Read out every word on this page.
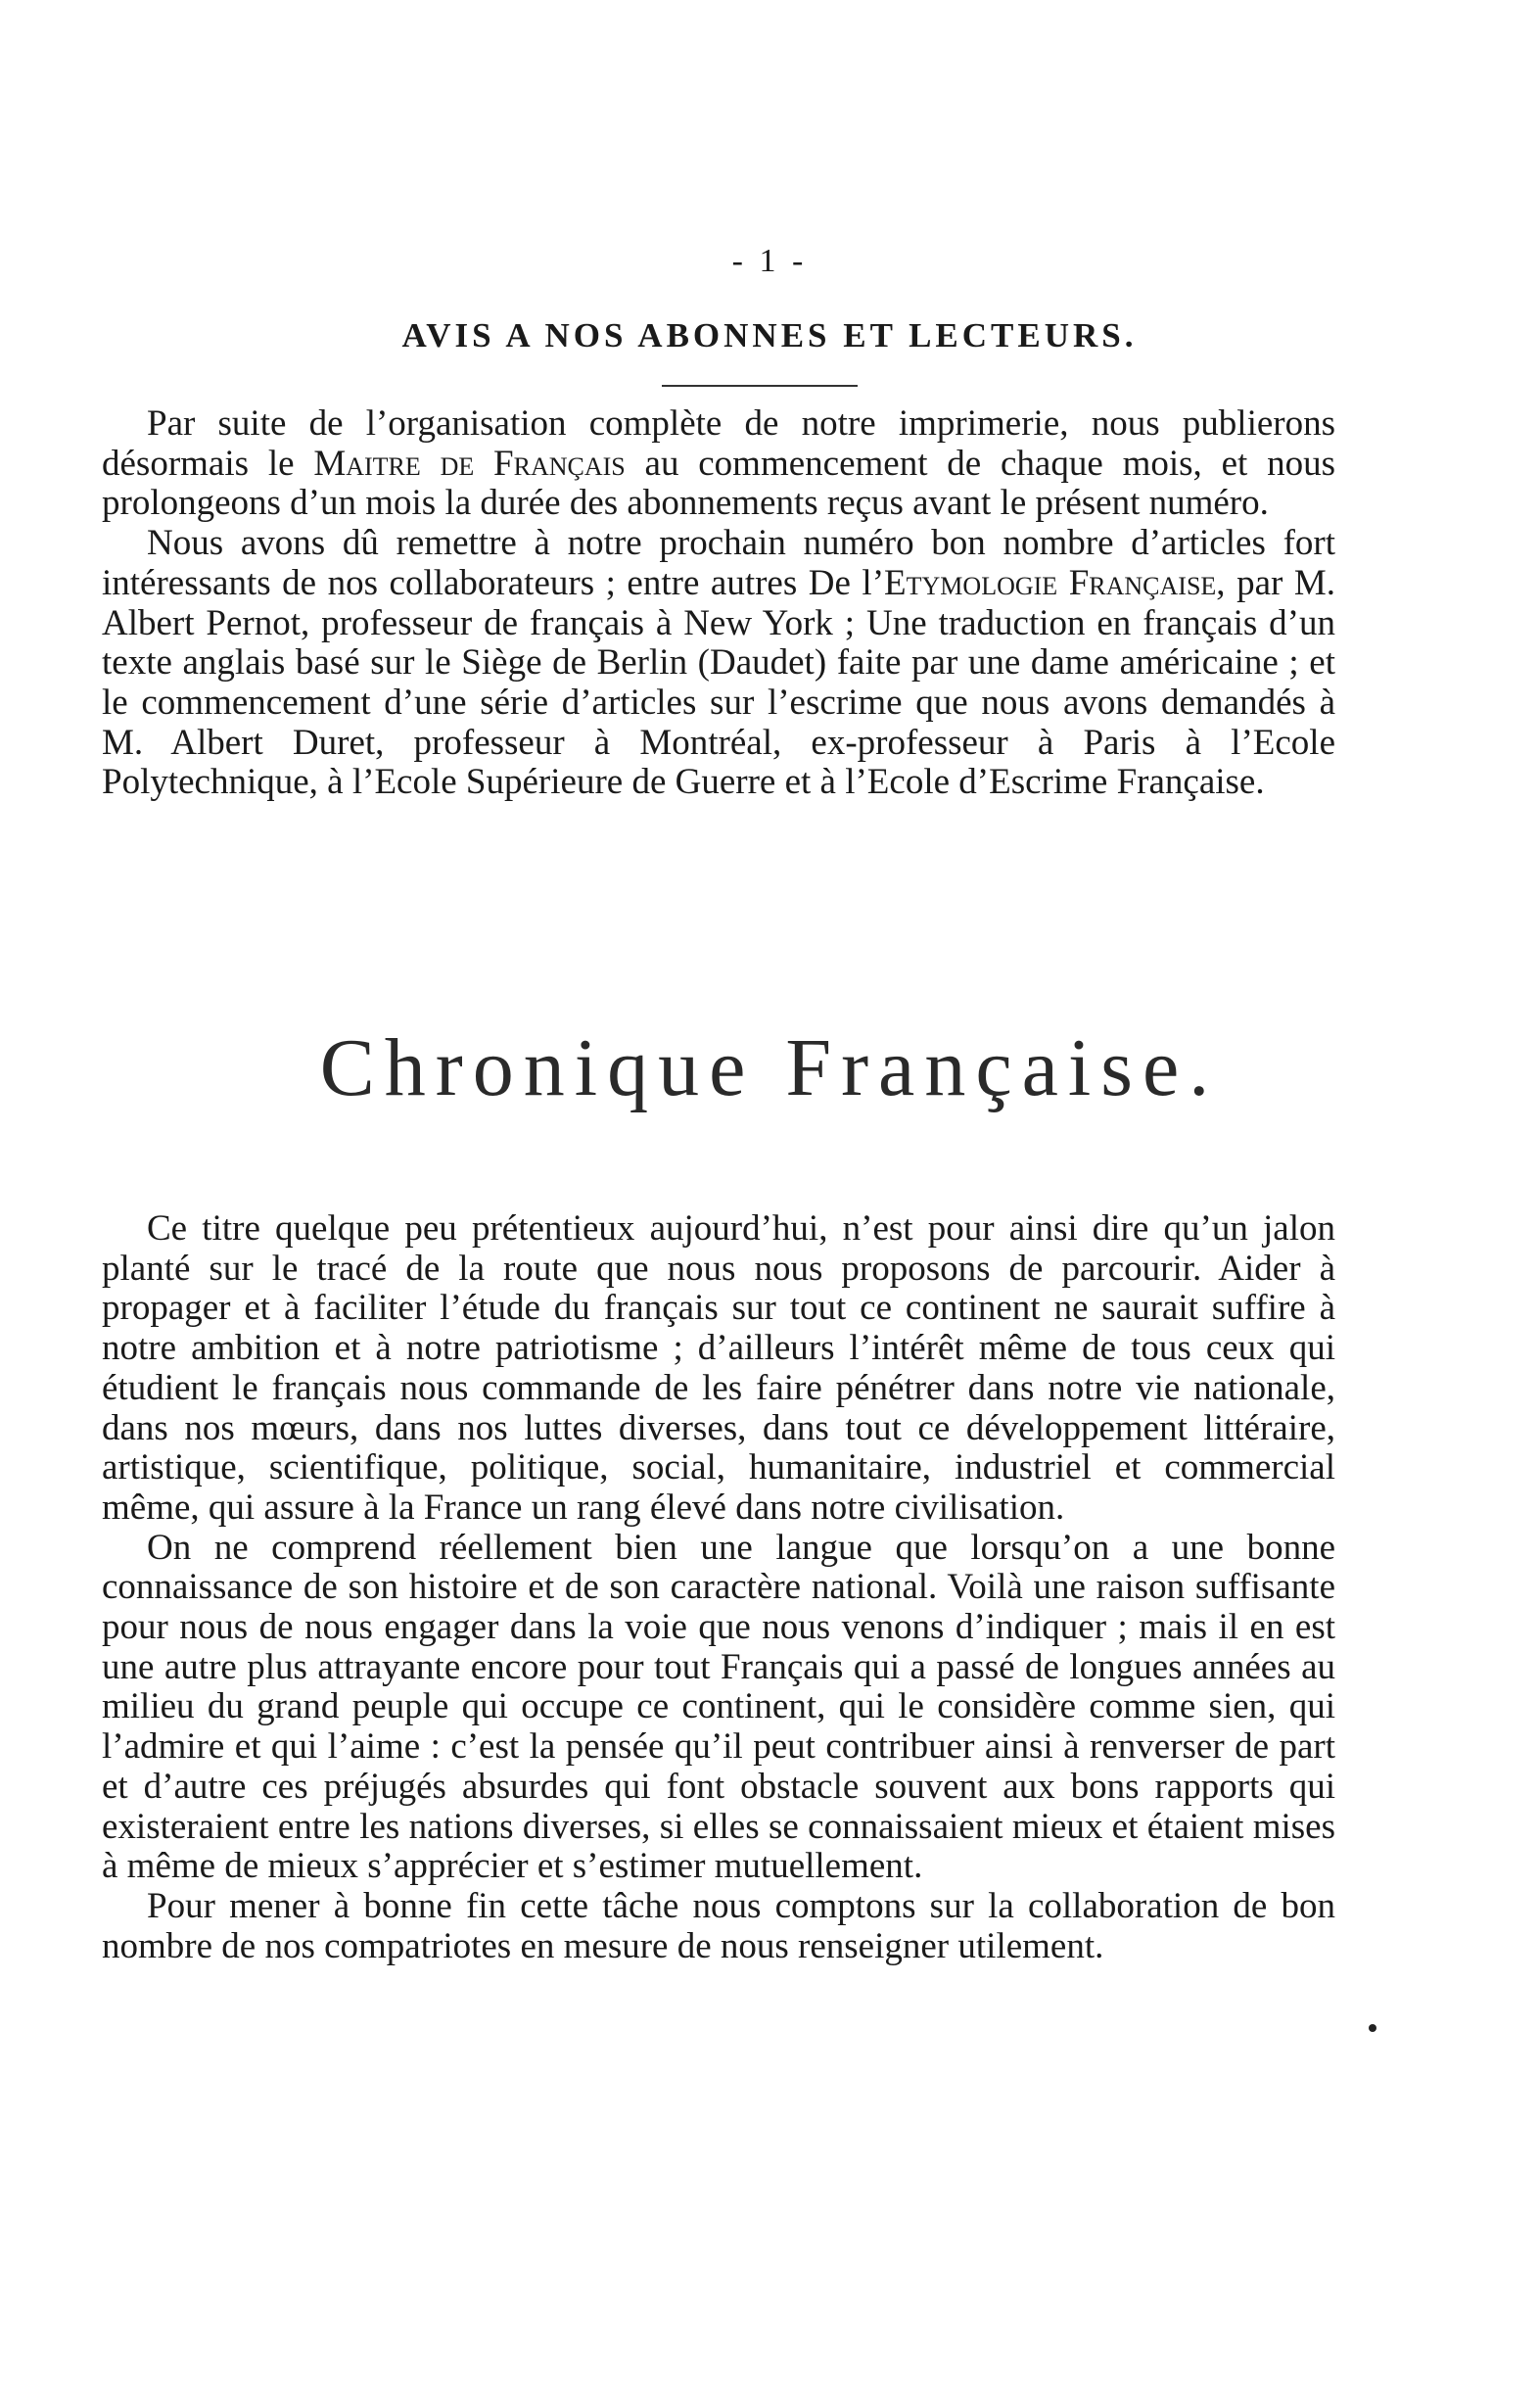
- 1 -
AVIS A NOS ABONNES ET LECTEURS.

Par suite de l’organisation complète de notre imprimerie, nous publierons désormais le Maitre de Français au commencement de chaque mois, et nous prolongeons d’un mois la durée des abonnements reçus avant le présent numéro.

Nous avons dû remettre à notre prochain numéro bon nombre d’articles fort intéressants de nos collaborateurs ; entre autres De l’Etymologie Française, par M. Albert Pernot, professeur de français à New York ; Une traduction en français d’un texte anglais basé sur le Siège de Berlin (Daudet) faite par une dame américaine ; et le commencement d’une série d’articles sur l’escrime que nous avons demandés à M. Albert Duret, professeur à Montréal, ex-professeur à Paris à l’Ecole Polytechnique, à l’Ecole Supérieure de Guerre et à l’Ecole d’Escrime Française.

Chronique Française.

Ce titre quelque peu prétentieux aujourd’hui, n’est pour ainsi dire qu’un jalon planté sur le tracé de la route que nous nous proposons de parcourir. Aider à propager et à faciliter l’étude du français sur tout ce continent ne saurait suffire à notre ambition et à notre patriotisme ; d’ailleurs l’intérêt même de tous ceux qui étudient le français nous commande de les faire pénétrer dans notre vie nationale, dans nos mœurs, dans nos luttes diverses, dans tout ce développement littéraire, artistique, scientifique, politique, social, humanitaire, industriel et commercial même, qui assure à la France un rang élevé dans notre civilisation.

On ne comprend réellement bien une langue que lorsqu’on a une bonne connaissance de son histoire et de son caractère national. Voilà une raison suffisante pour nous de nous engager dans la voie que nous venons d’indiquer ; mais il en est une autre plus attrayante encore pour tout Français qui a passé de longues années au milieu du grand peuple qui occupe ce continent, qui le considère comme sien, qui l’admire et qui l’aime : c’est la pensée qu’il peut contribuer ainsi à renverser de part et d’autre ces préjugés absurdes qui font obstacle souvent aux bons rapports qui existeraient entre les nations diverses, si elles se connaissaient mieux et étaient mises à même de mieux s’apprécier et s’estimer mutuellement.

Pour mener à bonne fin cette tâche nous comptons sur la collaboration de bon nombre de nos compatriotes en mesure de nous renseigner utilement.
